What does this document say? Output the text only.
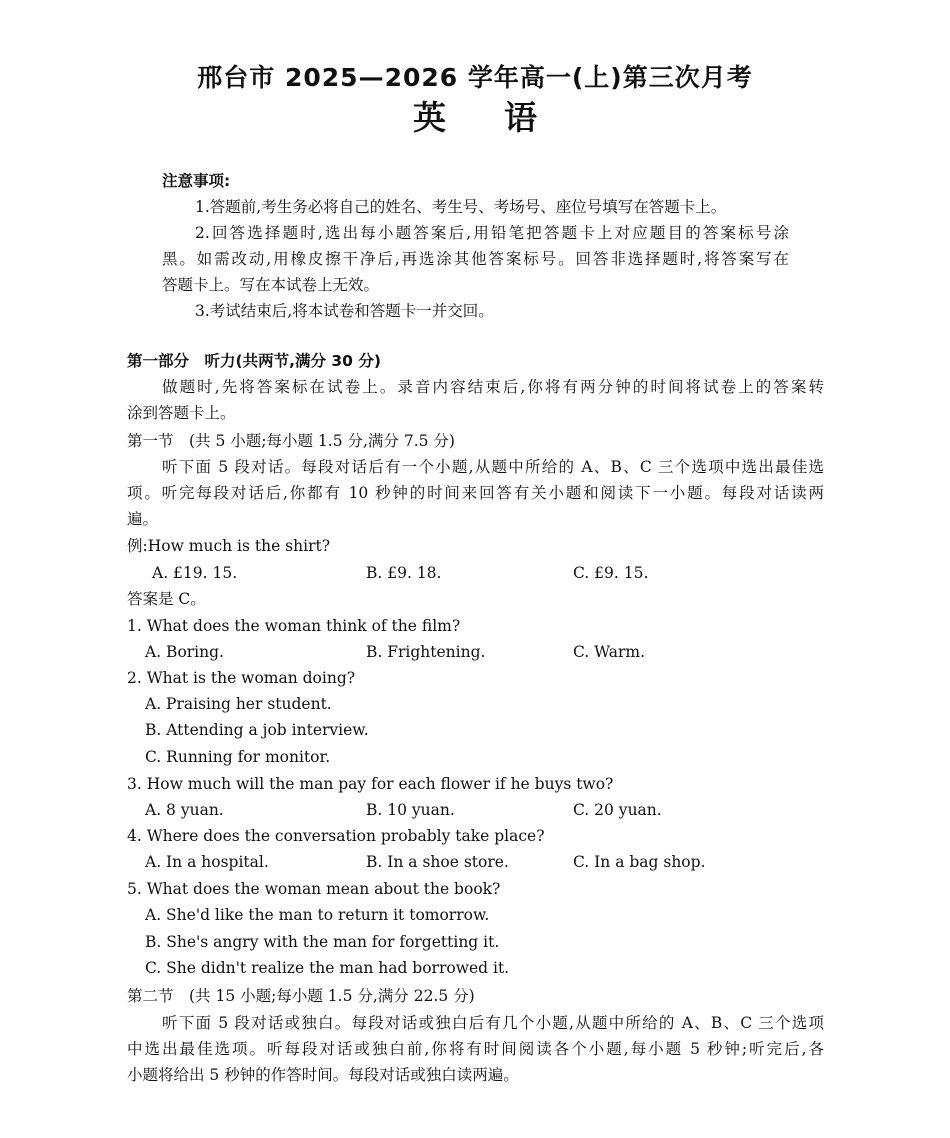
邢台市 2025—2026 学年高一(上)第三次月考
英语
注意事项:
1.答题前,考生务必将自己的姓名、考生号、考场号、座位号填写在答题卡上。
2.回答选择题时,选出每小题答案后,用铅笔把答题卡上对应题目的答案标号涂
黑。如需改动,用橡皮擦干净后,再选涂其他答案标号。回答非选择题时,将答案写在
答题卡上。写在本试卷上无效。
3.考试结束后,将本试卷和答题卡一并交回。
第一部分　听力(共两节,满分 30 分)
做题时,先将答案标在试卷上。录音内容结束后,你将有两分钟的时间将试卷上的答案转
涂到答题卡上。
第一节　(共 5 小题;每小题 1.5 分,满分 7.5 分)
听下面 5 段对话。每段对话后有一个小题,从题中所给的 A、B、C 三个选项中选出最佳选
项。听完每段对话后,你都有 10 秒钟的时间来回答有关小题和阅读下一小题。每段对话读两
遍。
例:How much is the shirt?
A. £19. 15.	B. £9. 18.	C. £9. 15.
答案是 C。
1. What does the woman think of the film?
A. Boring.	B. Frightening.	C. Warm.
2. What is the woman doing?
A. Praising her student.
B. Attending a job interview.
C. Running for monitor.
3. How much will the man pay for each flower if he buys two?
A. 8 yuan.	B. 10 yuan.	C. 20 yuan.
4. Where does the conversation probably take place?
A. In a hospital.	B. In a shoe store.	C. In a bag shop.
5. What does the woman mean about the book?
A. She'd like the man to return it tomorrow.
B. She's angry with the man for forgetting it.
C. She didn't realize the man had borrowed it.
第二节　(共 15 小题;每小题 1.5 分,满分 22.5 分)
听下面 5 段对话或独白。每段对话或独白后有几个小题,从题中所给的 A、B、C 三个选项
中选出最佳选项。听每段对话或独白前,你将有时间阅读各个小题,每小题 5 秒钟;听完后,各
小题将给出 5 秒钟的作答时间。每段对话或独白读两遍。
